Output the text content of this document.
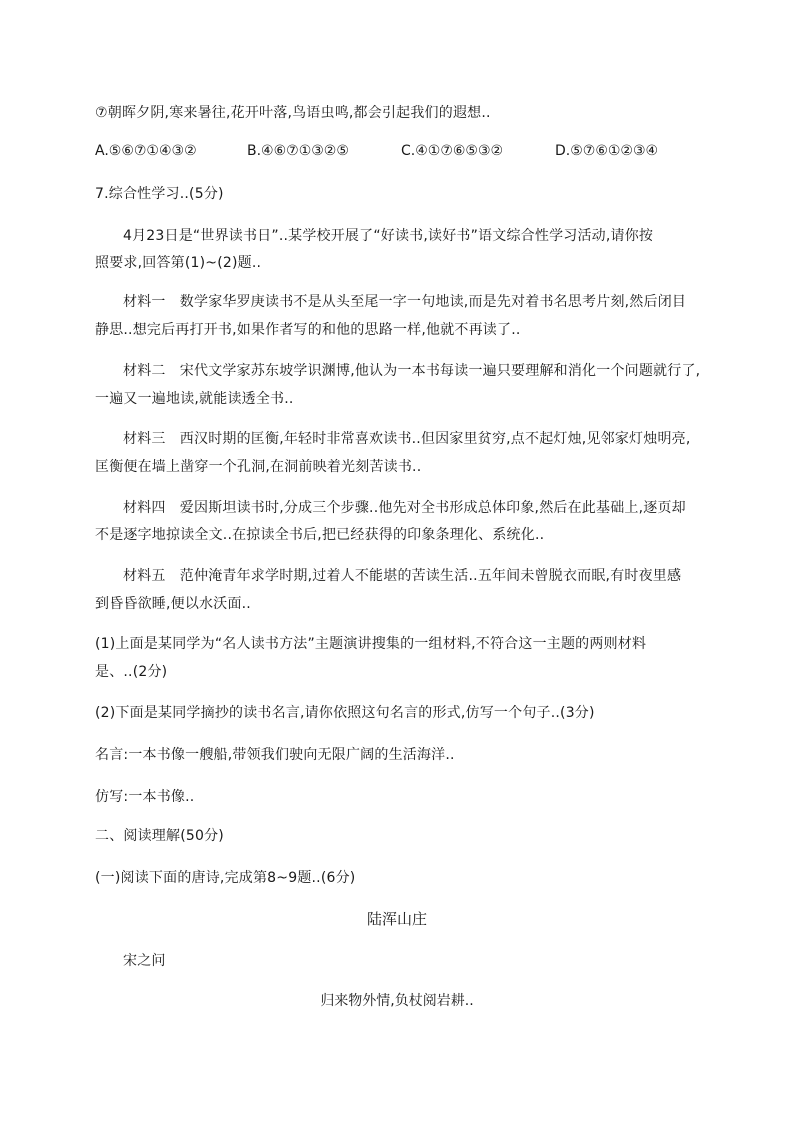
⑦朝晖夕阴,寒来暑往,花开叶落,鸟语虫鸣,都会引起我们的遐想..
A.⑤⑥⑦①④③②	B.④⑥⑦①③②⑤	C.④①⑦⑥⑤③②	D.⑤⑦⑥①②③④
7.综合性学习..(5分)
4月23日是“世界读书日”..某学校开展了“好读书,读好书”语文综合性学习活动,请你按
照要求,回答第(1)~(2)题..
材料一　数学家华罗庚读书不是从头至尾一字一句地读,而是先对着书名思考片刻,然后闭目
静思..想完后再打开书,如果作者写的和他的思路一样,他就不再读了..
材料二　宋代文学家苏东坡学识渊博,他认为一本书每读一遍只要理解和消化一个问题就行了,
一遍又一遍地读,就能读透全书..
材料三　西汉时期的匡衡,年轻时非常喜欢读书..但因家里贫穷,点不起灯烛,见邻家灯烛明亮,
匡衡便在墙上凿穿一个孔洞,在洞前映着光刻苦读书..
材料四　爱因斯坦读书时,分成三个步骤..他先对全书形成总体印象,然后在此基础上,逐页却
不是逐字地掠读全文..在掠读全书后,把已经获得的印象条理化、系统化..
材料五　范仲淹青年求学时期,过着人不能堪的苦读生活..五年间未曾脱衣而眠,有时夜里感
到昏昏欲睡,便以水沃面..
(1)上面是某同学为“名人读书方法”主题演讲搜集的一组材料,不符合这一主题的两则材料
是、..(2分)
(2)下面是某同学摘抄的读书名言,请你依照这句名言的形式,仿写一个句子..(3分)
名言:一本书像一艘船,带领我们驶向无限广阔的生活海洋..
仿写:一本书像..
二、阅读理解(50分)
(一)阅读下面的唐诗,完成第8~9题..(6分)
陆浑山庄
宋之问
归来物外情,负杖阅岩耕..
